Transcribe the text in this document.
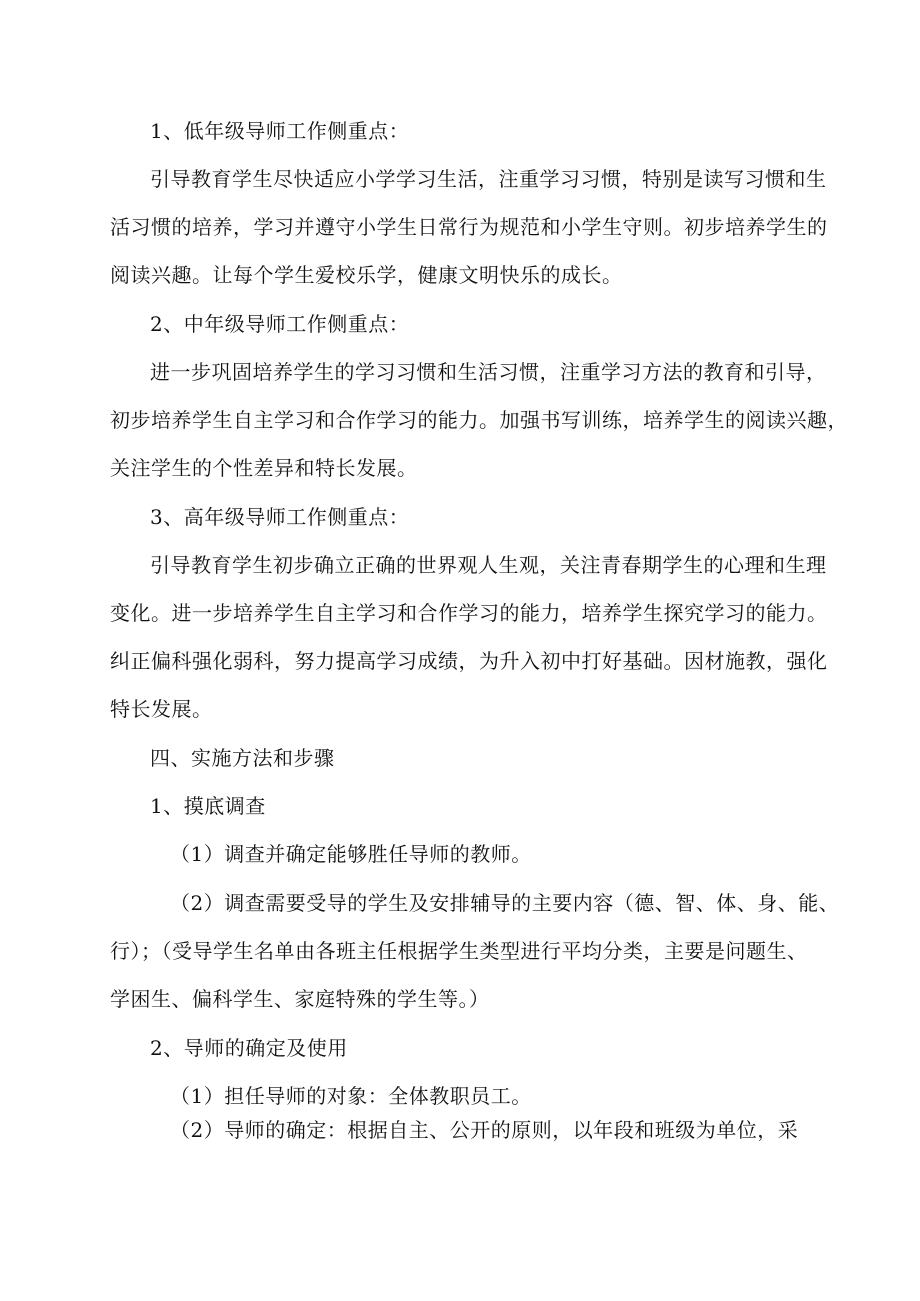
1、低年级导师工作侧重点：
引导教育学生尽快适应小学学习生活，注重学习习惯，特别是读写习惯和生
活习惯的培养，学习并遵守小学生日常行为规范和小学生守则。初步培养学生的
阅读兴趣。让每个学生爱校乐学，健康文明快乐的成长。
2、中年级导师工作侧重点：
进一步巩固培养学生的学习习惯和生活习惯，注重学习方法的教育和引导，
初步培养学生自主学习和合作学习的能力。加强书写训练，培养学生的阅读兴趣，
关注学生的个性差异和特长发展。
3、高年级导师工作侧重点：
引导教育学生初步确立正确的世界观人生观，关注青春期学生的心理和生理
变化。进一步培养学生自主学习和合作学习的能力，培养学生探究学习的能力。
纠正偏科强化弱科，努力提高学习成绩，为升入初中打好基础。因材施教，强化
特长发展。
四、实施方法和步骤
1、摸底调查
（1）调查并确定能够胜任导师的教师。
（2）调查需要受导的学生及安排辅导的主要内容（德、智、体、身、能、
行）；（受导学生名单由各班主任根据学生类型进行平均分类，主要是问题生、
学困生、偏科学生、家庭特殊的学生等。）
2、导师的确定及使用
（1）担任导师的对象：全体教职员工。
（2）导师的确定：根据自主、公开的原则，以年段和班级为单位，采
